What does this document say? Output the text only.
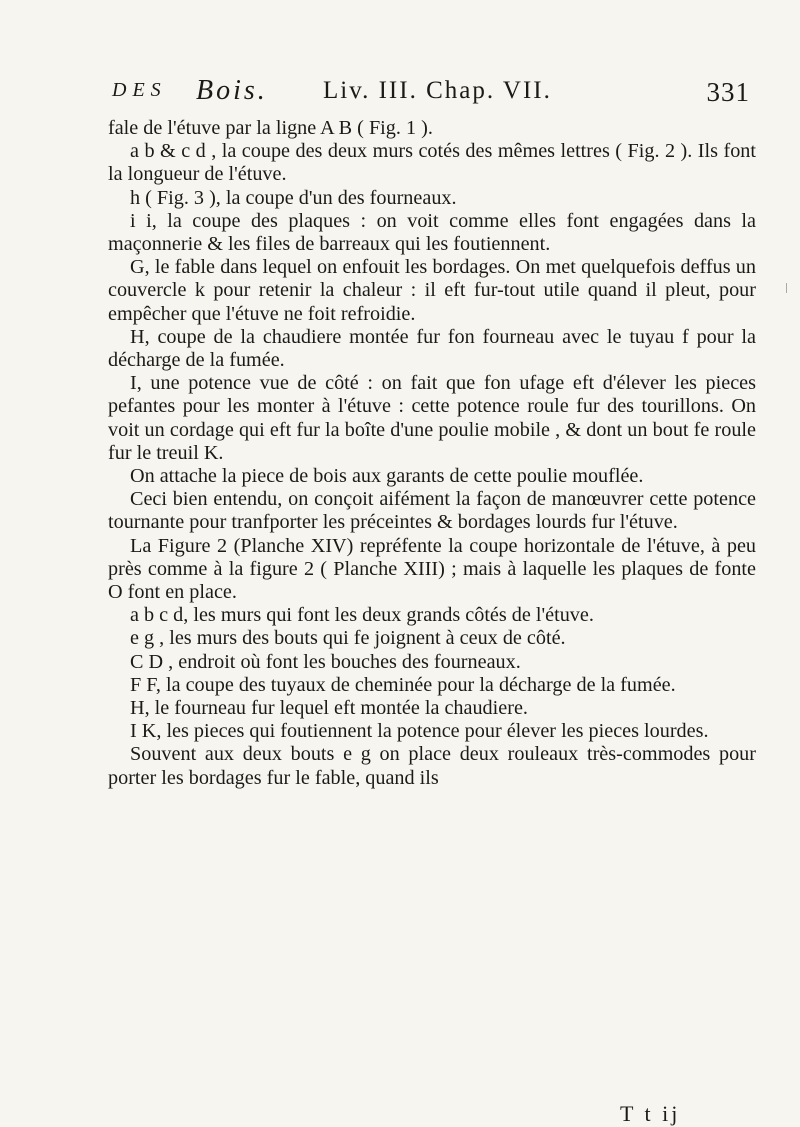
DES Bois. Liv. III. Chap. VII.	331

fale de l'étuve par la ligne A B ( Fig. 1 ).

a b & c d , la coupe des deux murs cotés des mêmes lettres ( Fig. 2 ). Ils font la longueur de l'étuve.

h ( Fig. 3 ), la coupe d'un des fourneaux.

i i, la coupe des plaques : on voit comme elles font engagées dans la maçonnerie & les files de barreaux qui les foutiennent.

G, le fable dans lequel on enfouit les bordages. On met quelquefois deffus un couvercle k pour retenir la chaleur : il eft fur-tout utile quand il pleut, pour empêcher que l'étuve ne foit refroidie.

H, coupe de la chaudiere montée fur fon fourneau avec le tuyau f pour la décharge de la fumée.

I, une potence vue de côté : on fait que fon ufage eft d'élever les pieces pefantes pour les monter à l'étuve : cette potence roule fur des tourillons. On voit un cordage qui eft fur la boîte d'une poulie mobile , & dont un bout fe roule fur le treuil K.

On attache la piece de bois aux garants de cette poulie mouflée.

Ceci bien entendu, on conçoit aifément la façon de manœuvrer cette potence tournante pour tranfporter les préceintes & bordages lourds fur l'étuve.

La Figure 2 (Planche XIV) repréfente la coupe horizontale de l'étuve, à peu près comme à la figure 2 ( Planche XIII) ; mais à laquelle les plaques de fonte O font en place.

a b c d, les murs qui font les deux grands côtés de l'étuve.

e g , les murs des bouts qui fe joignent à ceux de côté.

C D , endroit où font les bouches des fourneaux.

F F, la coupe des tuyaux de cheminée pour la décharge de la fumée.

H, le fourneau fur lequel eft montée la chaudiere.

I K, les pieces qui foutiennent la potence pour élever les pieces lourdes.

Souvent aux deux bouts e g on place deux rouleaux très-commodes pour porter les bordages fur le fable, quand ils

T t ij
